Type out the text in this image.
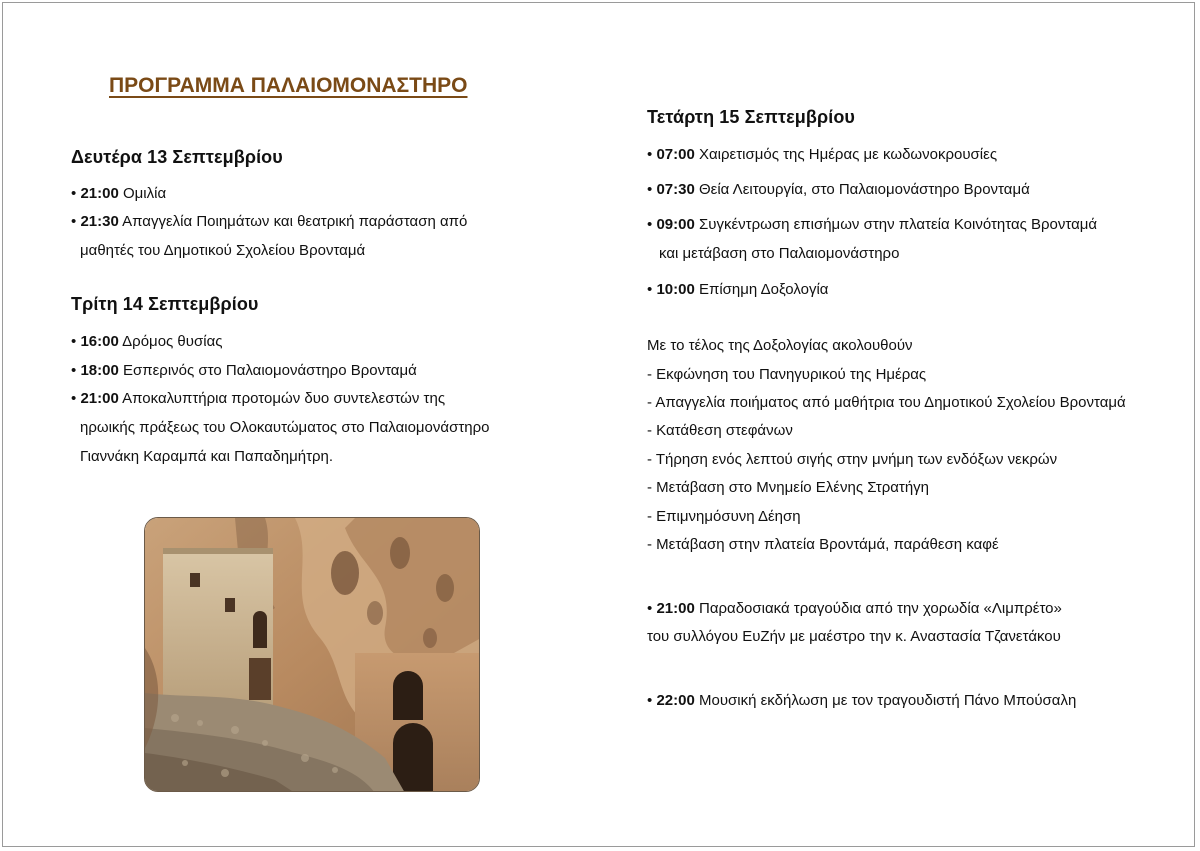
ΠΡΟΓΡΑΜΜΑ ΠΑΛΑΙΟΜΟΝΑΣΤΗΡΟ
Δευτέρα 13 Σεπτεμβρίου
• 21:00 Ομιλία
• 21:30 Απαγγελία Ποιημάτων και θεατρική παράσταση από
μαθητές του Δημοτικού Σχολείου Βρονταμά
Τρίτη 14 Σεπτεμβρίου
• 16:00 Δρόμος θυσίας
• 18:00 Εσπερινός στο Παλαιομονάστηρο Βρονταμά
• 21:00 Αποκαλυπτήρια προτομών δυο συντελεστών της
ηρωικής πράξεως του Ολοκαυτώματος στο Παλαιομονάστηρο
Γιαννάκη Καραμπά και Παπαδημήτρη.
Τετάρτη 15 Σεπτεμβρίου
• 07:00 Χαιρετισμός της Ημέρας με κωδωνοκρουσίες
• 07:30 Θεία Λειτουργία, στο Παλαιομονάστηρο Βρονταμά
• 09:00 Συγκέντρωση επισήμων στην πλατεία Κοινότητας Βρονταμά
και μετάβαση στο Παλαιομονάστηρο
• 10:00 Επίσημη Δοξολογία
Με το τέλος της Δοξολογίας ακολουθούν
- Εκφώνηση του Πανηγυρικού της Ημέρας
- Απαγγελία ποιήματος από μαθήτρια του Δημοτικού Σχολείου Βρονταμά
- Κατάθεση στεφάνων
- Τήρηση ενός λεπτού σιγής στην μνήμη των ενδόξων νεκρών
- Μετάβαση στο Μνημείο Ελένης Στρατήγη
- Επιμνημόσυνη Δέηση
- Μετάβαση στην πλατεία Βροντάμά, παράθεση καφέ
• 21:00 Παραδοσιακά τραγούδια από την χορωδία «Λιμπρέτο»
του συλλόγου ΕυΖήν με μαέστρο την κ. Αναστασία Τζανετάκου
• 22:00 Μουσική εκδήλωση με τον τραγουδιστή Πάνο Μπούσαλη
